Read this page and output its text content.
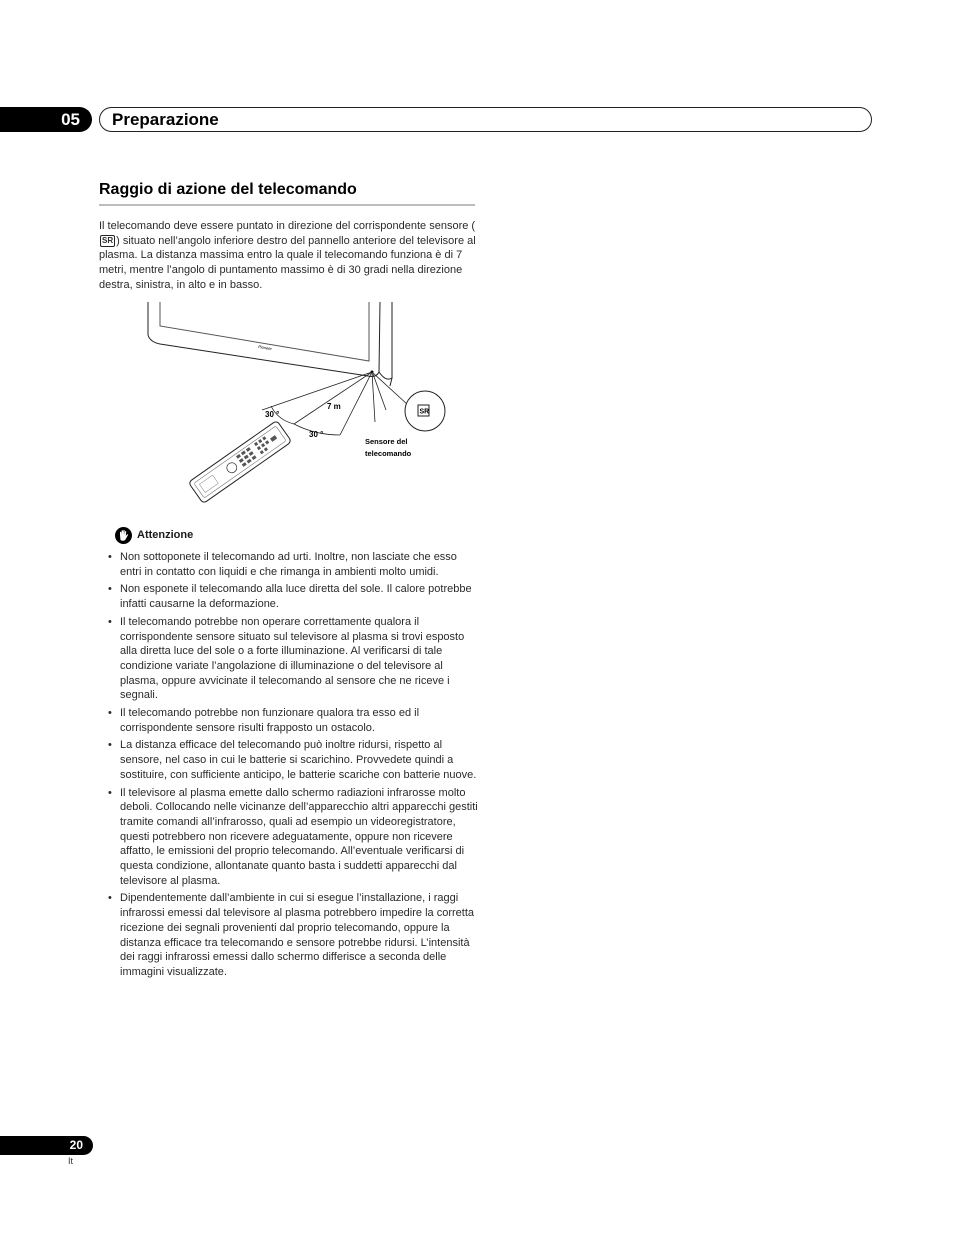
05 Preparazione
Raggio di azione del telecomando

Il telecomando deve essere puntato in direzione del corrispondente sensore (SR ) situato nell’angolo inferiore destro del pannello anteriore del televisore al plasma. La distanza massima entro la quale il telecomando funziona è di 7 metri, mentre l’angolo di puntamento massimo è di 30 gradi nella direzione destra, sinistra, in alto e in basso.

Pioneer
SR
30 °
7 m
30 °
Sensore del
telecomando
Attenzione
• Non sottoponete il telecomando ad urti. Inoltre, non lasciate che esso entri in contatto con liquidi e che rimanga in ambienti molto umidi.
• Non esponete il telecomando alla luce diretta del sole. Il calore potrebbe infatti causarne la deformazione.
• Il telecomando potrebbe non operare correttamente qualora il corrispondente sensore situato sul televisore al plasma si trovi esposto alla diretta luce del sole o a forte illuminazione. Al verificarsi di tale condizione variate l’angolazione di illuminazione o del televisore al plasma, oppure avvicinate il telecomando al sensore che ne riceve i segnali.
• Il telecomando potrebbe non funzionare qualora tra esso ed il corrispondente sensore risulti frapposto un ostacolo.
• La distanza efficace del telecomando può inoltre ridursi, rispetto al sensore, nel caso in cui le batterie si scarichino. Provvedete quindi a sostituire, con sufficiente anticipo, le batterie scariche con batterie nuove.
• Il televisore al plasma emette dallo schermo radiazioni infrarosse molto deboli. Collocando nelle vicinanze dell’apparecchio altri apparecchi gestiti tramite comandi all’infrarosso, quali ad esempio un videoregistratore, questi potrebbero non ricevere adeguatamente, oppure non ricevere affatto, le emissioni del proprio telecomando. All’eventuale verificarsi di questa condizione, allontanate quanto basta i suddetti apparecchi dal televisore al plasma.
• Dipendentemente dall’ambiente in cui si esegue l’installazione, i raggi infrarossi emessi dal televisore al plasma potrebbero impedire la corretta ricezione dei segnali provenienti dal proprio telecomando, oppure la distanza efficace tra telecomando e sensore potrebbe ridursi. L’intensità dei raggi infrarossi emessi dallo schermo differisce a seconda delle immagini visualizzate.
20
It
